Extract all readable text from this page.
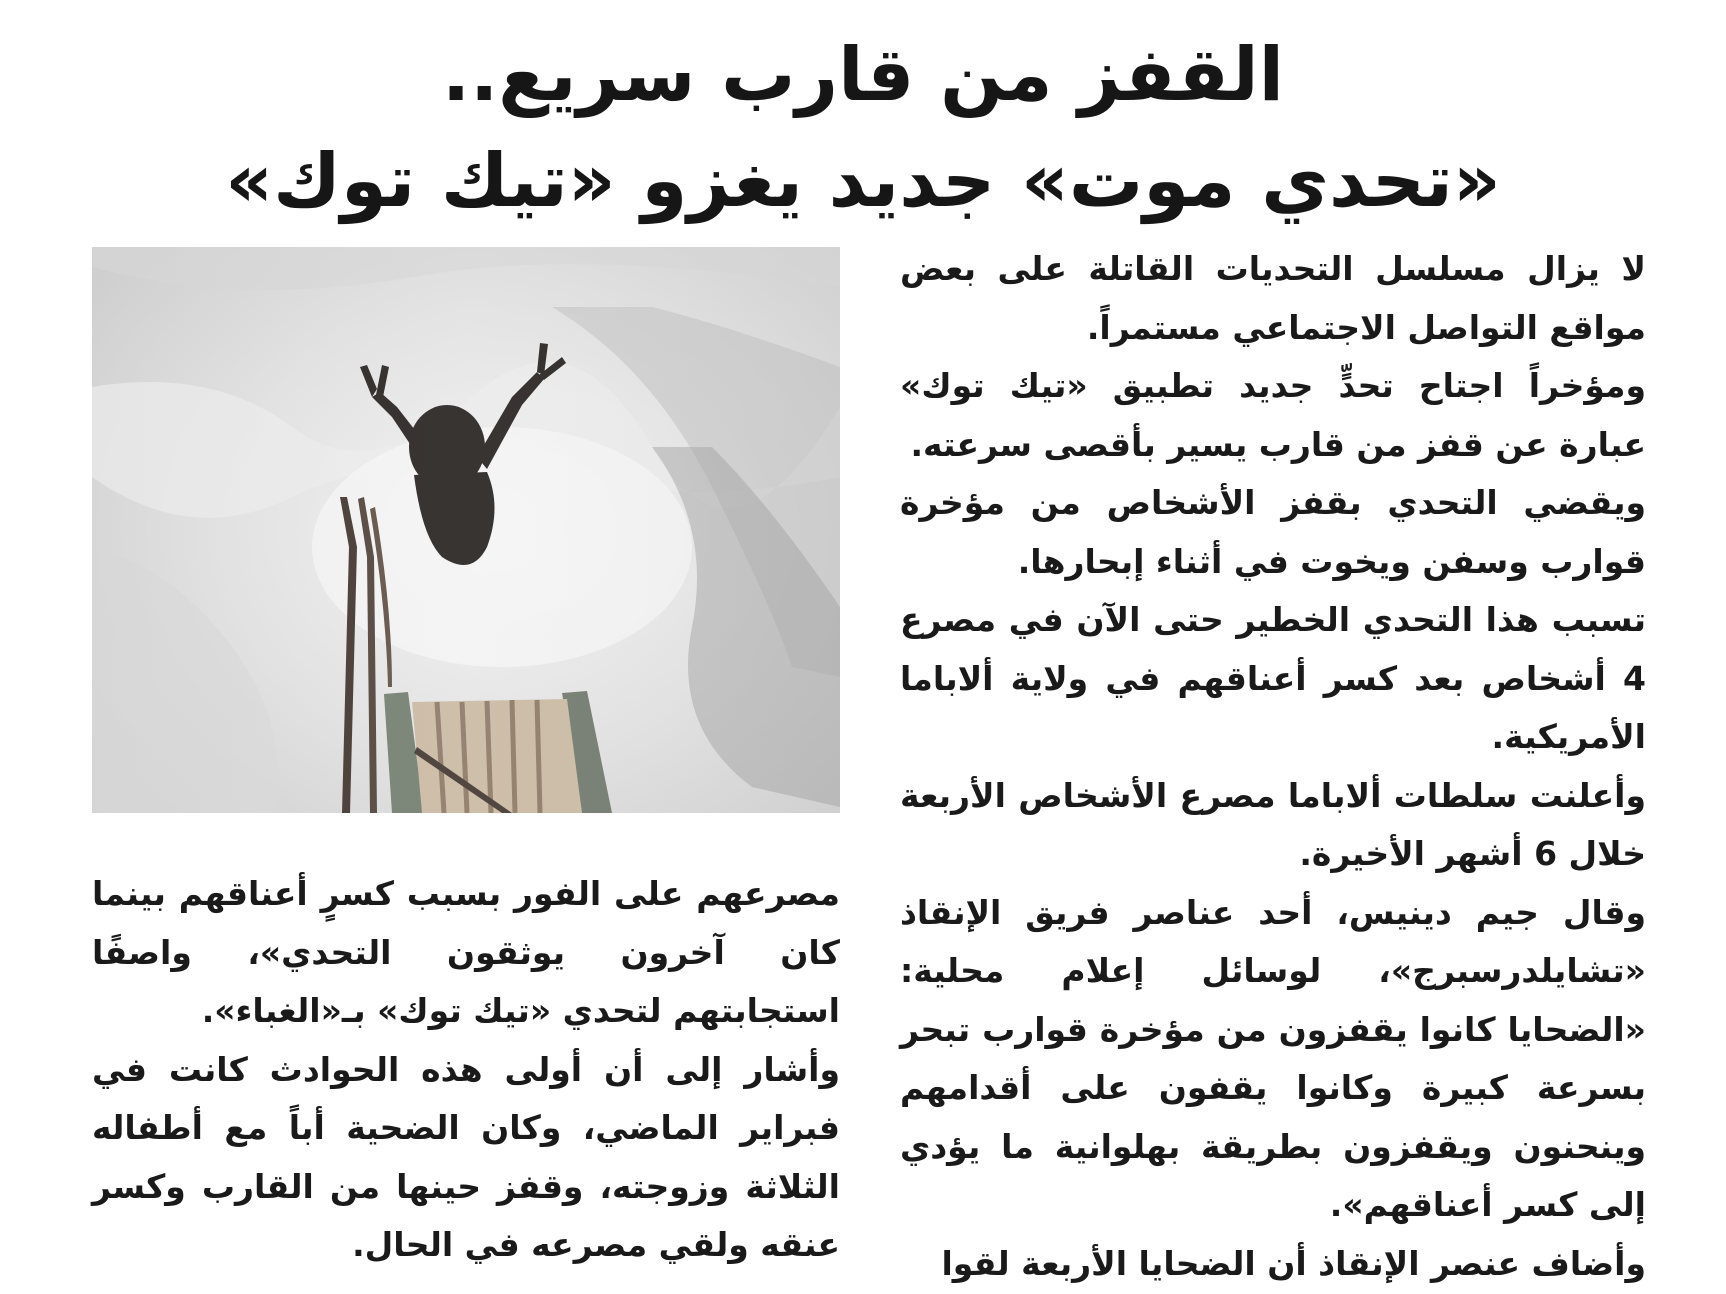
القفز من قارب سريع..
«تحدي موت» جديد يغزو «تيك توك»

لا يزال مسلسل التحديات القاتلة على بعض مواقع التواصل الاجتماعي مستمراً.

ومؤخراً اجتاح تحدٍّ جديد تطبيق «تيك توك» عبارة عن قفز من قارب يسير بأقصى سرعته.

ويقضي التحدي بقفز الأشخاص من مؤخرة قوارب وسفن ويخوت في أثناء إبحارها.

تسبب هذا التحدي الخطير حتى الآن في مصرع 4 أشخاص بعد كسر أعناقهم في ولاية ألاباما الأمريكية.

وأعلنت سلطات ألاباما مصرع الأشخاص الأربعة خلال 6 أشهر الأخيرة.

وقال جيم دينيس، أحد عناصر فريق الإنقاذ «تشايلدرسبرج»، لوسائل إعلام محلية: «الضحايا كانوا يقفزون من مؤخرة قوارب تبحر بسرعة كبيرة وكانوا يقفون على أقدامهم وينحنون ويقفزون بطريقة بهلوانية ما يؤدي إلى كسر أعناقهم».

وأضاف عنصر الإنقاذ أن الضحايا الأربعة لقوا

مصرعهم على الفور بسبب كسرٍ أعناقهم بينما كان آخرون يوثقون التحدي»، واصفًا استجابتهم لتحدي «تيك توك» بـ«الغباء».

وأشار إلى أن أولى هذه الحوادث كانت في فبراير الماضي، وكان الضحية أباً مع أطفاله الثلاثة وزوجته، وقفز حينها من القارب وكسر عنقه ولقي مصرعه في الحال.
